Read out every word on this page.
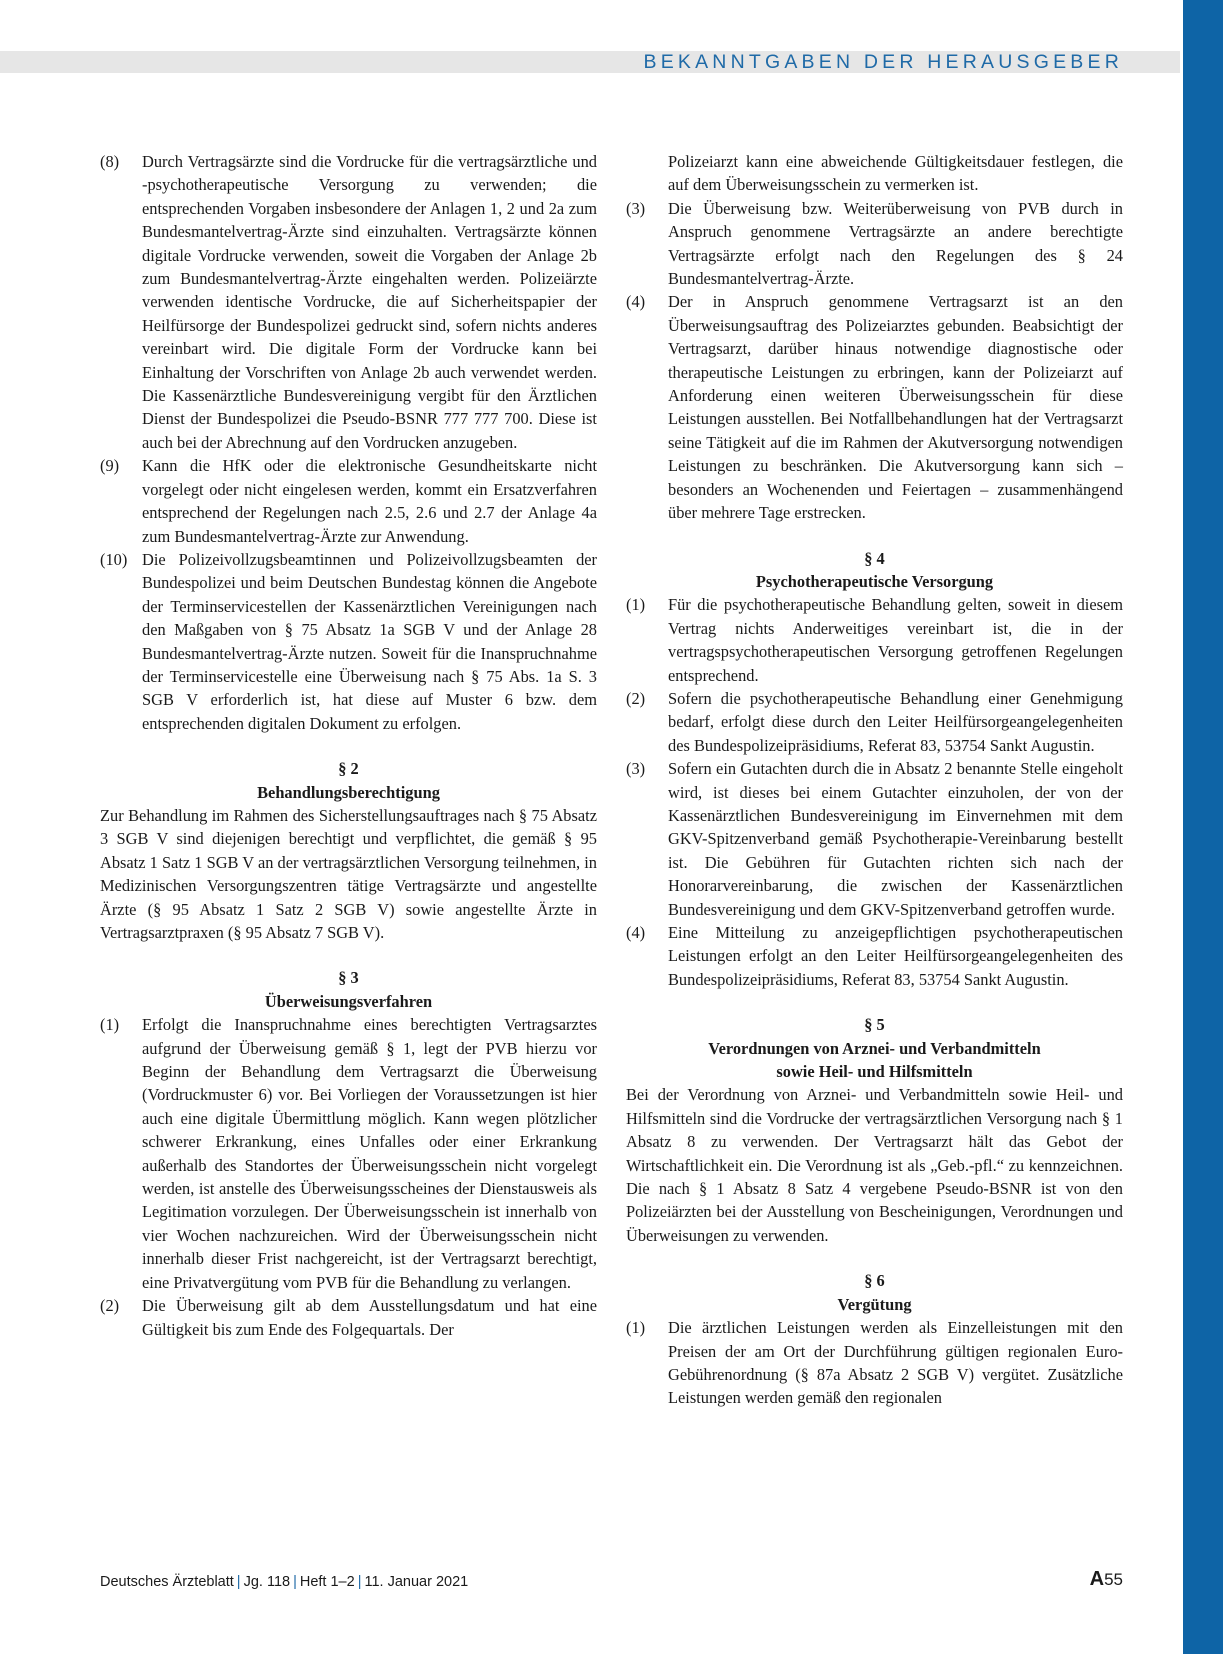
BEKANNTGABEN DER HERAUSGEBER
(8)	Durch Vertragsärzte sind die Vordrucke für die vertragsärztliche und -psychotherapeutische Versorgung zu verwenden; die entsprechenden Vorgaben insbesondere der Anlagen 1, 2 und 2a zum Bundesmantelvertrag-Ärzte sind einzuhalten. Vertragsärzte können digitale Vordrucke verwenden, soweit die Vorgaben der Anlage 2b zum Bundesmantelvertrag-Ärzte eingehalten werden. Polizeiärzte verwenden identische Vordrucke, die auf Sicherheitspapier der Heilfürsorge der Bundespolizei gedruckt sind, sofern nichts anderes vereinbart wird. Die digitale Form der Vordrucke kann bei Einhaltung der Vorschriften von Anlage 2b auch verwendet werden. Die Kassenärztliche Bundesvereinigung vergibt für den Ärztlichen Dienst der Bundespolizei die Pseudo-BSNR 777 777 700. Diese ist auch bei der Abrechnung auf den Vordrucken anzugeben.
(9)	Kann die HfK oder die elektronische Gesundheitskarte nicht vorgelegt oder nicht eingelesen werden, kommt ein Ersatzverfahren entsprechend der Regelungen nach 2.5, 2.6 und 2.7 der Anlage 4a zum Bundesmantelvertrag-Ärzte zur Anwendung.
(10) Die Polizeivollzugsbeamtinnen und Polizeivollzugsbeamten der Bundespolizei und beim Deutschen Bundestag können die Angebote der Terminservicestellen der Kassenärztlichen Vereinigungen nach den Maßgaben von § 75 Absatz 1a SGB V und der Anlage 28 Bundesmantelvertrag-Ärzte nutzen. Soweit für die Inanspruchnahme der Terminservicestelle eine Überweisung nach § 75 Abs. 1a S. 3 SGB V erforderlich ist, hat diese auf Muster 6 bzw. dem entsprechenden digitalen Dokument zu erfolgen.

§ 2

Behandlungsberechtigung

Zur Behandlung im Rahmen des Sicherstellungsauftrages nach § 75 Absatz 3 SGB V sind diejenigen berechtigt und verpflichtet, die gemäß § 95 Absatz 1 Satz 1 SGB V an der vertragsärztlichen Versorgung teilnehmen, in Medizinischen Versorgungszentren tätige Vertragsärzte und angestellte Ärzte (§ 95 Absatz 1 Satz 2 SGB V) sowie angestellte Ärzte in Vertragsarztpraxen (§ 95 Absatz 7 SGB V).

§ 3

Überweisungsverfahren

(1)	Erfolgt die Inanspruchnahme eines berechtigten Vertragsarztes aufgrund der Überweisung gemäß § 1, legt der PVB hierzu vor Beginn der Behandlung dem Vertragsarzt die Überweisung (Vordruckmuster 6) vor. Bei Vorliegen der Voraussetzungen ist hier auch eine digitale Übermittlung möglich. Kann wegen plötzlicher schwerer Erkrankung, eines Unfalles oder einer Erkrankung außerhalb des Standortes der Überweisungsschein nicht vorgelegt werden, ist anstelle des Überweisungsscheines der Dienstausweis als Legitimation vorzulegen. Der Überweisungsschein ist innerhalb von vier Wochen nachzureichen. Wird der Überweisungsschein nicht innerhalb dieser Frist nachgereicht, ist der Vertragsarzt berechtigt, eine Privatvergütung vom PVB für die Behandlung zu verlangen.
(2)	Die Überweisung gilt ab dem Ausstellungsdatum und hat eine Gültigkeit bis zum Ende des Folgequartals. Der
Polizeiarzt kann eine abweichende Gültigkeitsdauer festlegen, die auf dem Überweisungsschein zu vermerken ist.
(3)	Die Überweisung bzw. Weiterüberweisung von PVB durch in Anspruch genommene Vertragsärzte an andere berechtigte Vertragsärzte erfolgt nach den Regelungen des § 24 Bundesmantelvertrag-Ärzte.
(4)	Der in Anspruch genommene Vertragsarzt ist an den Überweisungsauftrag des Polizeiarztes gebunden. Beabsichtigt der Vertragsarzt, darüber hinaus notwendige diagnostische oder therapeutische Leistungen zu erbringen, kann der Polizeiarzt auf Anforderung einen weiteren Überweisungsschein für diese Leistungen ausstellen. Bei Notfallbehandlungen hat der Vertragsarzt seine Tätigkeit auf die im Rahmen der Akutversorgung notwendigen Leistungen zu beschränken. Die Akutversorgung kann sich – besonders an Wochenenden und Feiertagen – zusammenhängend über mehrere Tage erstrecken.

§ 4

Psychotherapeutische Versorgung

(1)	Für die psychotherapeutische Behandlung gelten, soweit in diesem Vertrag nichts Anderweitiges vereinbart ist, die in der vertragspsychotherapeutischen Versorgung getroffenen Regelungen entsprechend.
(2)	Sofern die psychotherapeutische Behandlung einer Genehmigung bedarf, erfolgt diese durch den Leiter Heilfürsorgeangelegenheiten des Bundespolizeipräsidiums, Referat 83, 53754 Sankt Augustin.
(3)	Sofern ein Gutachten durch die in Absatz 2 benannte Stelle eingeholt wird, ist dieses bei einem Gutachter einzuholen, der von der Kassenärztlichen Bundesvereinigung im Einvernehmen mit dem GKV-Spitzenverband gemäß Psychotherapie-Vereinbarung bestellt ist. Die Gebühren für Gutachten richten sich nach der Honorarvereinbarung, die zwischen der Kassenärztlichen Bundesvereinigung und dem GKV-Spitzenverband getroffen wurde.
(4)	Eine Mitteilung zu anzeigepflichtigen psychotherapeutischen Leistungen erfolgt an den Leiter Heilfürsorgeangelegenheiten des Bundespolizeipräsidiums, Referat 83, 53754 Sankt Augustin.

§ 5

Verordnungen von Arznei- und Verbandmitteln

sowie Heil- und Hilfsmitteln

Bei der Verordnung von Arznei- und Verbandmitteln sowie Heil- und Hilfsmitteln sind die Vordrucke der vertragsärztlichen Versorgung nach § 1 Absatz 8 zu verwenden. Der Vertragsarzt hält das Gebot der Wirtschaftlichkeit ein. Die Verordnung ist als „Geb.-pfl.“ zu kennzeichnen. Die nach § 1 Absatz 8 Satz 4 vergebene Pseudo-BSNR ist von den Polizeiärzten bei der Ausstellung von Bescheinigungen, Verordnungen und Überweisungen zu verwenden.

§ 6

Vergütung

(1)	Die ärztlichen Leistungen werden als Einzelleistungen mit den Preisen der am Ort der Durchführung gültigen regionalen Euro-Gebührenordnung (§ 87a Absatz 2 SGB V) vergütet. Zusätzliche Leistungen werden gemäß den regionalen
Deutsches Ärzteblatt | Jg. 118 | Heft 1–2 | 11. Januar 2021	A55
